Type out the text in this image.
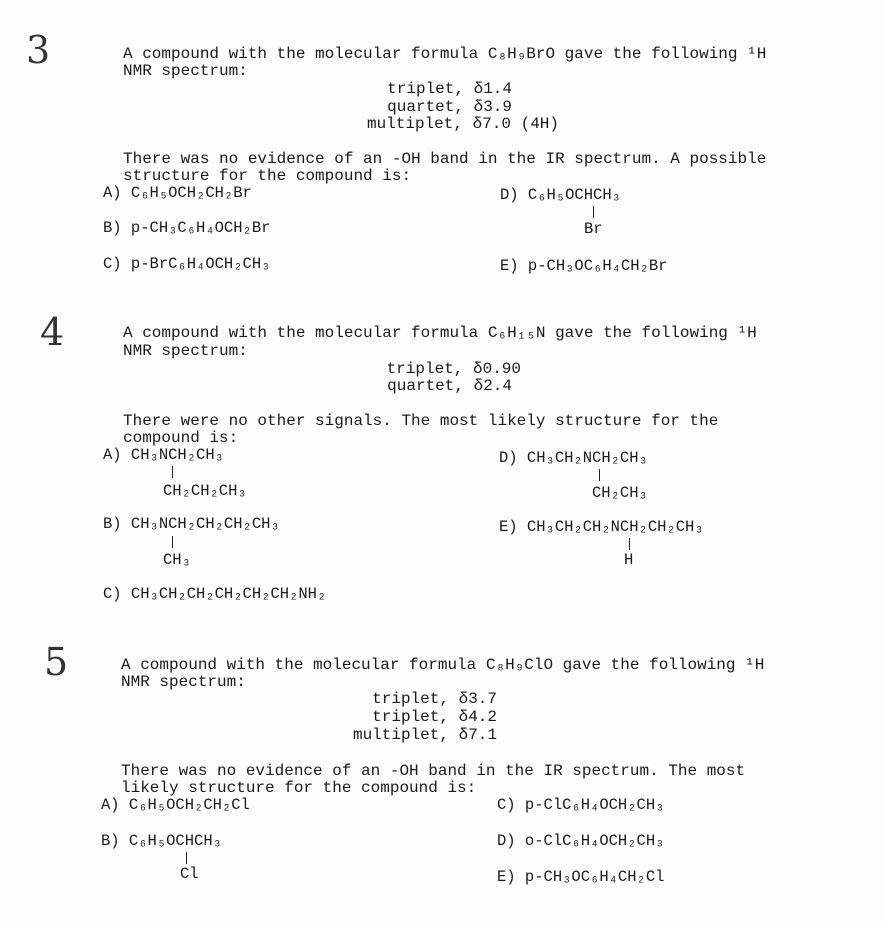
3	A compound with the molecular formula C₈H₉BrO gave the following ¹H
NMR spectrum:
triplet, δ1.4
quartet, δ3.9
multiplet, δ7.0 (4H)
There was no evidence of an -OH band in the IR spectrum. A possible
structure for the compound is:
A) C₆H₅OCH₂CH₂Br
B) p-CH₃C₆H₄OCH₂Br
C) p-BrC₆H₄OCH₂CH₃
D) C₆H₅OCHCH₃
Br
E) p-CH₃OC₆H₄CH₂Br
4	A compound with the molecular formula C₆H₁₅N gave the following ¹H
NMR spectrum:
triplet, δ0.90
quartet, δ2.4
There were no other signals. The most likely structure for the
compound is:
A) CH₃NCH₂CH₃
CH₂CH₂CH₃
B) CH₃NCH₂CH₂CH₂CH₃
CH₃
C) CH₃CH₂CH₂CH₂CH₂CH₂NH₂
D) CH₃CH₂NCH₂CH₃
CH₂CH₃
E) CH₃CH₂CH₂NCH₂CH₂CH₃
H
5	A compound with the molecular formula C₈H₉ClO gave the following ¹H
NMR spectrum:
triplet, δ3.7
triplet, δ4.2
multiplet, δ7.1
There was no evidence of an -OH band in the IR spectrum. The most
likely structure for the compound is:
A) C₆H₅OCH₂CH₂Cl
B) C₆H₅OCHCH₃
Cl
C) p-ClC₆H₄OCH₂CH₃
D) o-ClC₆H₄OCH₂CH₃
E) p-CH₃OC₆H₄CH₂Cl
